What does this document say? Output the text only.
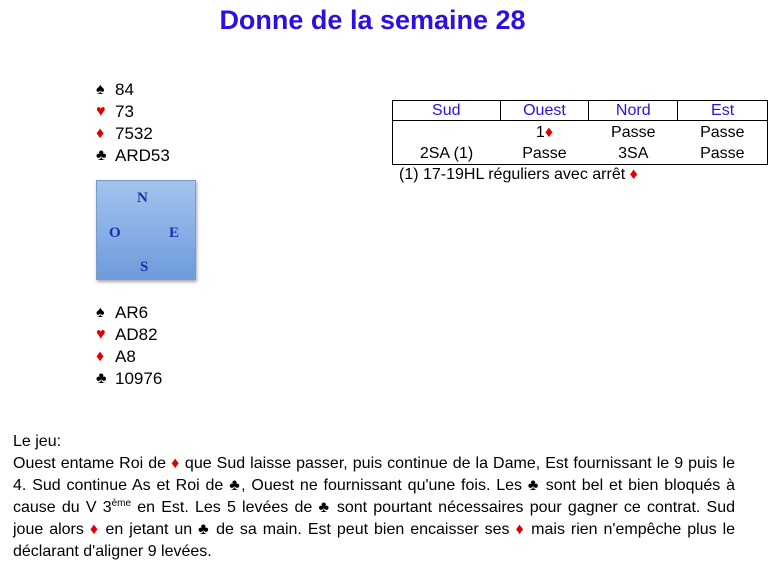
Donne de la semaine 28
♠ 84
♥ 73
♦ 7532
♣ ARD53
N
O	E
S
♠ AR6
♥ AD82
♦ A8
♣ 10976
Sud	Ouest	Nord	Est
	1♦	Passe	Passe
2SA (1)	Passe	3SA	Passe
(1) 17-19HL réguliers avec arrêt ♦

Le jeu:

Ouest entame Roi de ♦ que Sud laisse passer, puis continue de la Dame, Est fournissant le 9 puis le 4. Sud continue As et Roi de ♣, Ouest ne fournissant qu'une fois. Les ♣ sont bel et bien bloqués à cause du V 3ème en Est. Les 5 levées de ♣ sont pourtant nécessaires pour gagner ce contrat. Sud joue alors ♦ en jetant un ♣ de sa main. Est peut bien encaisser ses ♦ mais rien n'empêche plus le déclarant d'aligner 9 levées.
